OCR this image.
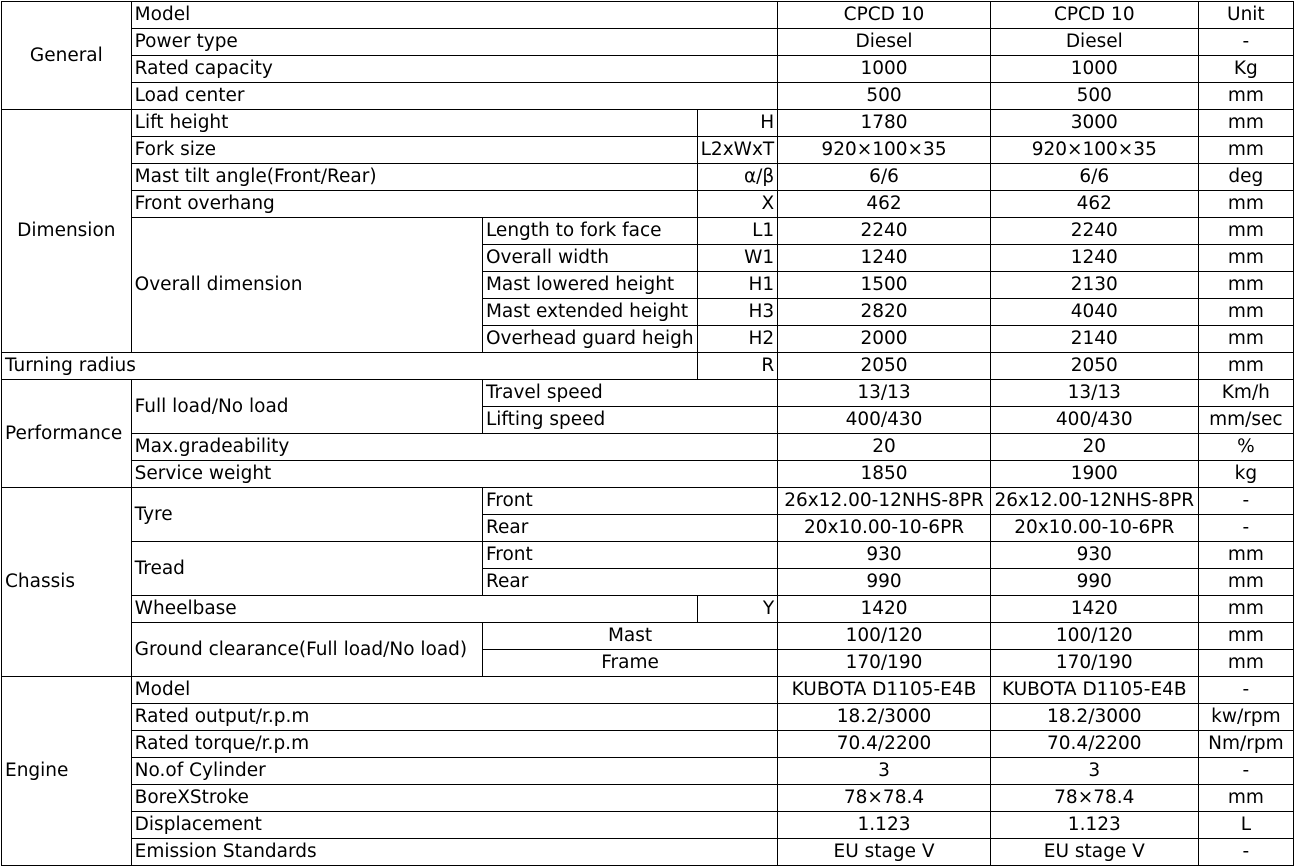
General	Model			CPCD 10	CPCD 10	Unit
	Power type			Diesel	Diesel	-
	Rated capacity			1000	1000	Kg
	Load center			500	500	mm
Dimension	Lift height		H	1780	3000	mm
	Fork size		L2xWxT	920×100×35	920×100×35	mm
	Mast tilt angle(Front/Rear)		α/β	6/6	6/6	deg
	Front overhang		X	462	462	mm
	Overall dimension	Length to fork face	L1	2240	2240	mm
		Overall width	W1	1240	1240	mm
		Mast lowered height	H1	1500	2130	mm
		Mast extended height	H3	2820	4040	mm
		Overhead guard heigh	H2	2000	2140	mm
Turning radius			R	2050	2050	mm
Performance	Full load/No load	Travel speed		13/13	13/13	Km/h
		Lifting speed		400/430	400/430	mm/sec
	Max.gradeability			20	20	%
	Service weight			1850	1900	kg
Chassis	Tyre	Front		26x12.00-12NHS-8PR	26x12.00-12NHS-8PR	-
		Rear		20x10.00-10-6PR	20x10.00-10-6PR	-
	Tread	Front		930	930	mm
		Rear		990	990	mm
	Wheelbase		Y	1420	1420	mm
	Ground clearance(Full load/No load)	Mast		100/120	100/120	mm
		Frame		170/190	170/190	mm
Engine	Model			KUBOTA D1105-E4B	KUBOTA D1105-E4B	-
	Rated output/r.p.m			18.2/3000	18.2/3000	kw/rpm
	Rated torque/r.p.m			70.4/2200	70.4/2200	Nm/rpm
	No.of Cylinder			3	3	-
	BoreXStroke			78×78.4	78×78.4	mm
	Displacement			1.123	1.123	L
	Emission Standards			EU stage V	EU stage V	-
